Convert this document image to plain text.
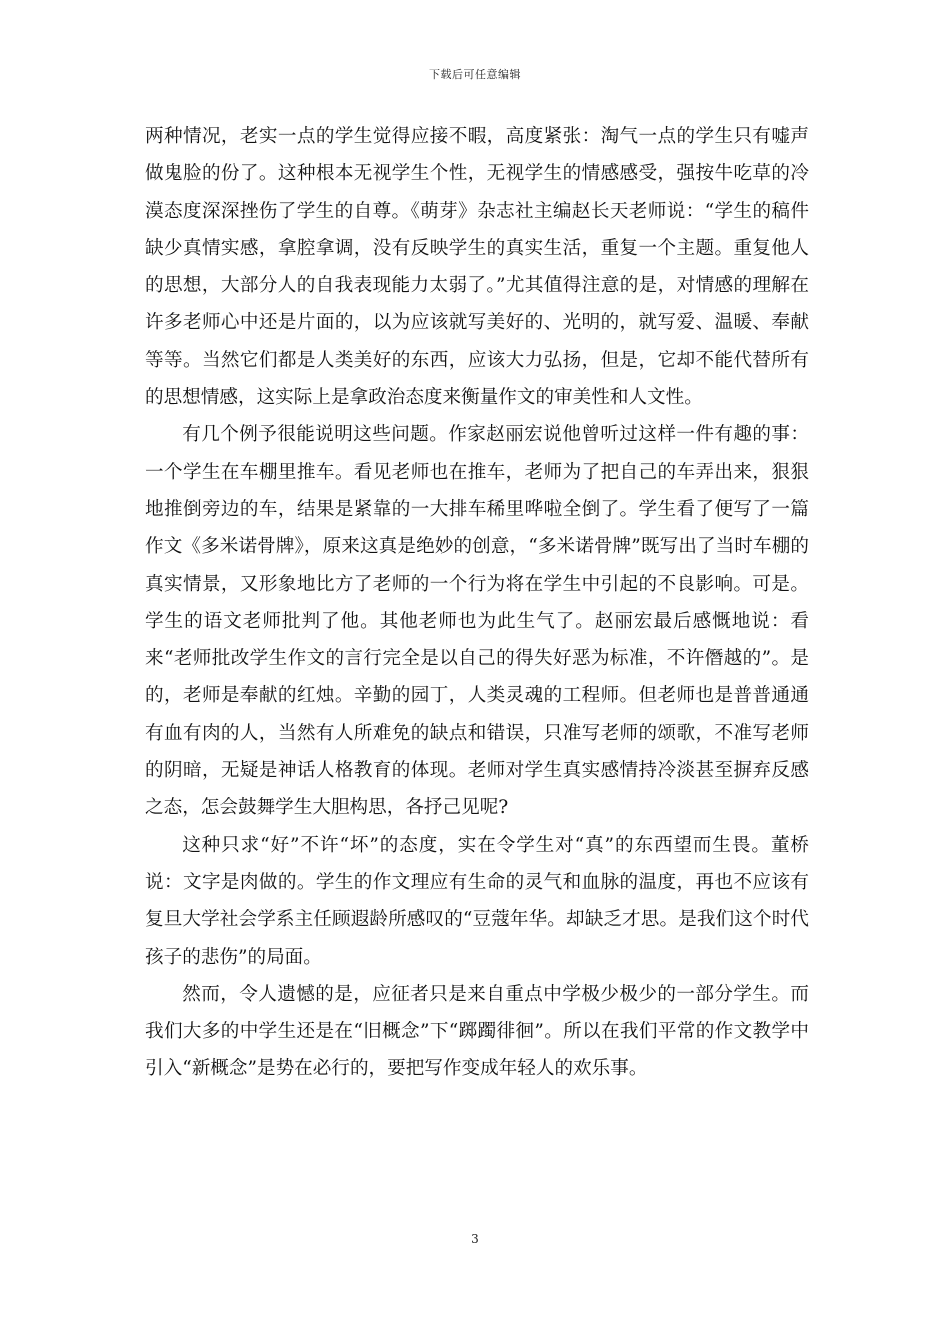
下载后可任意编辑

两种情况，老实一点的学生觉得应接不暇，高度紧张：淘气一点的学生只有嘘声做鬼脸的份了。这种根本无视学生个性，无视学生的情感感受，强按牛吃草的冷漠态度深深挫伤了学生的自尊。《萌芽》杂志社主编赵长天老师说：“学生的稿件缺少真情实感，拿腔拿调，没有反映学生的真实生活，重复一个主题。重复他人的思想，大部分人的自我表现能力太弱了。”尤其值得注意的是，对情感的理解在许多老师心中还是片面的，以为应该就写美好的、光明的，就写爱、温暖、奉献等等。当然它们都是人类美好的东西，应该大力弘扬，但是，它却不能代替所有的思想情感，这实际上是拿政治态度来衡量作文的审美性和人文性。

有几个例予很能说明这些问题。作家赵丽宏说他曾听过这样一件有趣的事：一个学生在车棚里推车。看见老师也在推车，老师为了把自己的车弄出来，狠狠地推倒旁边的车，结果是紧靠的一大排车稀里哗啦全倒了。学生看了便写了一篇作文《多米诺骨牌》，原来这真是绝妙的创意，“多米诺骨牌”既写出了当时车棚的真实情景，又形象地比方了老师的一个行为将在学生中引起的不良影响。可是。学生的语文老师批判了他。其他老师也为此生气了。赵丽宏最后感慨地说：看来“老师批改学生作文的言行完全是以自己的得失好恶为标准，不许僭越的”。是的，老师是奉献的红烛。辛勤的园丁，人类灵魂的工程师。但老师也是普普通通有血有肉的人，当然有人所难免的缺点和错误，只准写老师的颂歌，不准写老师的阴暗，无疑是神话人格教育的体现。老师对学生真实感情持冷淡甚至摒弃反感之态，怎会鼓舞学生大胆构思，各抒己见呢?

这种只求“好”不许“坏”的态度，实在令学生对“真”的东西望而生畏。董桥说：文字是肉做的。学生的作文理应有生命的灵气和血脉的温度，再也不应该有复旦大学社会学系主任顾遐龄所感叹的“豆蔻年华。却缺乏才思。是我们这个时代孩子的悲伤”的局面。

然而，令人遗憾的是，应征者只是来自重点中学极少极少的一部分学生。而我们大多的中学生还是在“旧概念”下“踯躅徘徊”。所以在我们平常的作文教学中引入“新概念”是势在必行的，要把写作变成年轻人的欢乐事。

3
